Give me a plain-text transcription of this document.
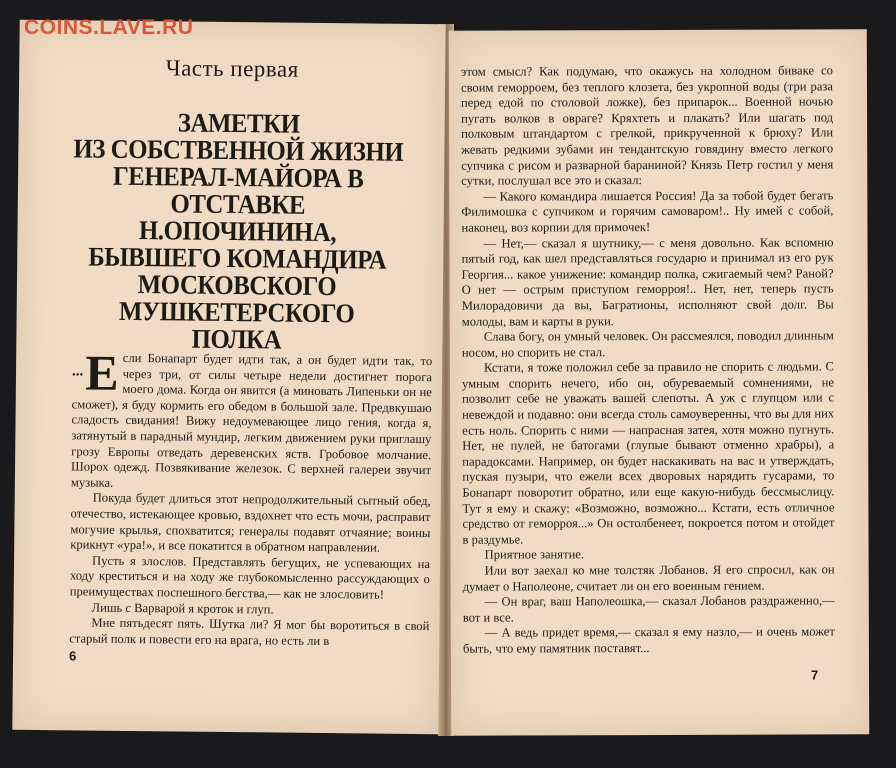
COINS.LAVE.RU
Часть первая
ЗАМЕТКИ
ИЗ СОБСТВЕННОЙ ЖИЗНИ
ГЕНЕРАЛ-МАЙОРА В ОТСТАВКЕ
Н.ОПОЧИНИНА,
БЫВШЕГО КОМАНДИРА
МОСКОВСКОГО
МУШКЕТЕРСКОГО
ПОЛКА

... Е сли Бонапарт будет идти так, а он будет идти так, то через три, от силы четыре недели достигнет порога моего дома. Когда он явится (а миновать Липеньки он не сможет), я буду кормить его обедом в большой зале. Предвкушаю сладость свидания! Вижу недоумевающее лицо гения, когда я, затянутый в парадный мундир, легким движением руки приглашу грозу Европы отведать деревенских яств. Гробовое молчание. Шорох одежд. Позвякивание железок. С верхней галереи звучит музыка.

Покуда будет длиться этот непродолжительный сытный обед, отечество, истекающее кровью, вздохнет что есть мочи, расправит могучие крылья, спохватится; генералы подавят отчаяние; воины крикнут «ура!», и все покатится в обратном направлении.

Пусть я злослов. Представлять бегущих, не успевающих на ходу креститься и на ходу же глубокомысленно рассуждающих о преимуществах поспешного бегства,— как не злословить!

Лишь с Варварой я кроток и глуп.

Мне пятьдесят пять. Шутка ли? Я мог бы воротиться в свой старый полк и повести его на врага, но есть ли в

6

этом смысл? Как подумаю, что окажусь на холодном биваке со своим геморроем, без теплого клозета, без укропной воды (три раза перед едой по столовой ложке), без припарок... Военной ночью пугать волков в овраге? Кряхтеть и плакать? Или шагать под полковым штандартом с грелкой, прикрученной к брюху? Или жевать редкими зубами ин тендантскую говядину вместо легкого супчика с рисом и разварной бараниной? Князь Петр гостил у меня сутки, послушал все это и сказал:

— Какого командира лишается Россия! Да за тобой будет бегать Филимошка с супчиком и горячим самоваром!.. Ну имей с собой, наконец, воз корпии для примочек!

— Нет,— сказал я шутнику,— с меня довольно. Как вспомню пятый год, как шел представляться государю и принимал из его рук Георгия... какое унижение: командир полка, сжигаемый чем? Раной? О нет — острым приступом геморроя!.. Нет, нет, теперь пусть Милорадовичи да вы, Багратионы, исполняют свой долг. Вы молоды, вам и карты в руки.

Слава богу, он умный человек. Он рассмеялся, поводил длинным носом, но спорить не стал.

Кстати, я тоже положил себе за правило не спорить с людьми. С умным спорить нечего, ибо он, обуреваемый сомнениями, не позволит себе не уважать вашей слепоты. А уж с глупцом или с невеждой и подавно: они всегда столь самоуверенны, что вы для них есть ноль. Спорить с ними — напрасная затея, хотя можно пугнуть. Нет, не пулей, не батогами (глупые бывают отменно храбры), а парадоксами. Например, он будет наскакивать на вас и утверждать, пуская пузыри, что ежели всех дворовых нарядить гусарами, то Бонапарт поворотит обратно, или еще какую-нибудь бессмыслицу. Тут я ему и скажу: «Возможно, возможно... Кстати, есть отличное средство от геморроя...» Он остолбенеет, покроется потом и отойдет в раздумье.

Приятное занятие.

Или вот заехал ко мне толстяк Лобанов. Я его спросил, как он думает о Наполеоне, считает ли он его военным гением.

— Он враг, ваш Наполеошка,— сказал Лобанов раздраженно,— вот и все.

— А ведь придет время,— сказал я ему назло,— и очень может быть, что ему памятник поставят...

7
